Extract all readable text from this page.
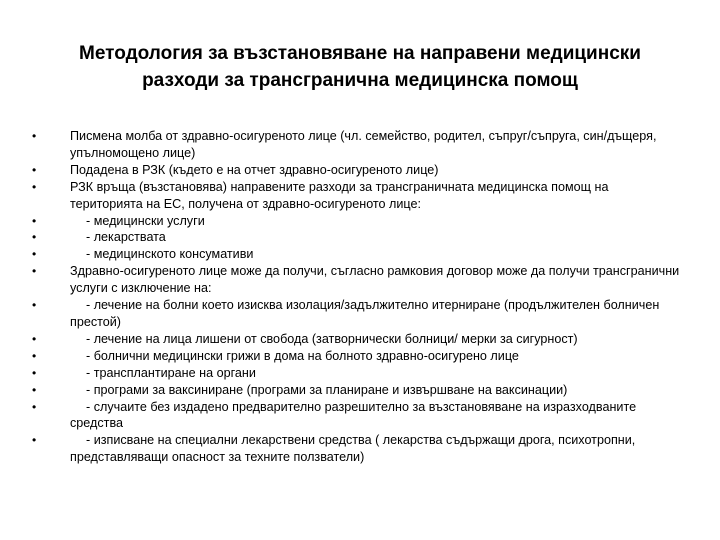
Методология за възстановяване на направени медицински
разходи за трансгранична медицинска помощ
•	Писмена молба от здравно-осигуреното лице (чл. семейство, родител, съпруг/съпруга, син/дъщеря, упълномощено лице)
•	Подадена в РЗК (където е на отчет здравно-осигуреното лице)
•	РЗК връща (възстановява) направените разходи за трансграничната медицинска помощ на територията на ЕС, получена от здравно-осигуреното лице:
•	- медицински услуги
•	- лекарствата
•	- медицинското консумативи
•	Здравно-осигуреното лице може да получи, съгласно рамковия договор може да получи трансгранични услуги с изключение на:
•	- лечение на болни което изисква изолация/задължително итерниране (продължителен болничен престой)
•	- лечение на лица лишени от свобода (затворнически болници/ мерки за сигурност)
•	- болнични медицински грижи в дома на болното здравно-осигурено лице
•	- трансплантиране на органи
•	- програми за ваксиниране (програми за планиране и извършване на ваксинации)
•	- случаите без издадено предварително разрешително за възстановяване на изразходваните средства
•	- изписване на специални лекарствени средства ( лекарства съдържащи дрога, психотропни, представляващи опасност за техните ползватели)
